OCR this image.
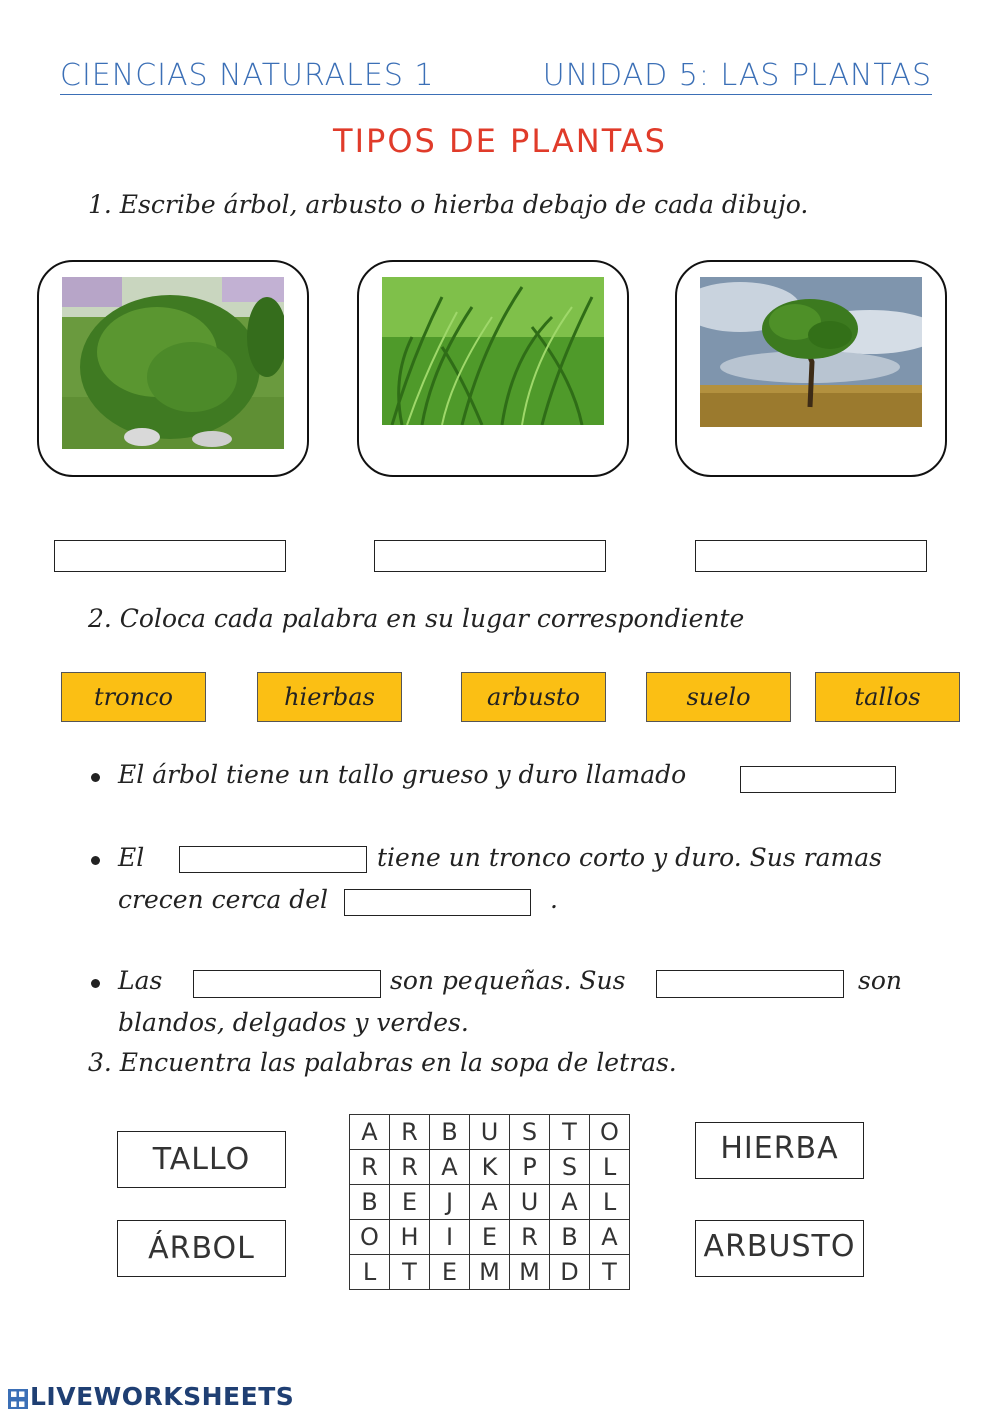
CIENCIAS NATURALES 1	UNIDAD 5: LAS PLANTAS
TIPOS DE PLANTAS
1. Escribe árbol, arbusto o hierba debajo de cada dibujo.
2. Coloca cada palabra en su lugar correspondiente
tronco	hierbas	arbusto	suelo	tallos
El árbol tiene un tallo grueso y duro llamado
El	tiene un tronco corto y duro. Sus ramas
crecen cerca del	.
Las	son pequeñas. Sus	son
blandos, delgados y verdes.
3. Encuentra las palabras en la sopa de letras.
TALLO
ÁRBOL
HIERBA
ARBUSTO
A	R	B	U	S	T	O
R	R	A	K	P	S	L
B	E	J	A	U	A	L
O	H	I	E	R	B	A
L	T	E	M	M	D	T
▪▪
▪▪ LIVEWORKSHEETS
